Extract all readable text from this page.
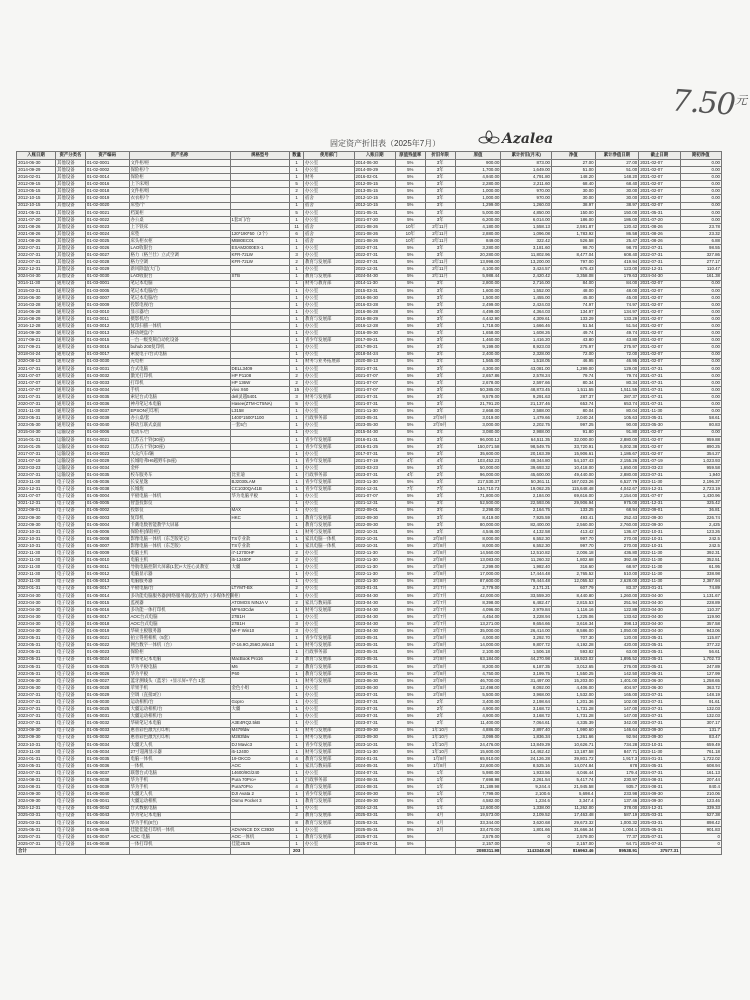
$7.50^元$
固定资产折旧表（2025年7月）	Azalea
入账日期	资产分类名	资产编码	资产名称	规格型号	数量	使用部门	入账日期	原值残值率	折旧年限	原值	累计折旧(月末)	净值	累计净值日期	截止日期	期初净值
2014-06-30	其他设备	01-02-0001	文件柜/柜		1	办公室	2014-06-30	5%	3年	900.00	873.00	27.00	27.00	2021-02-07	0.00
2014-09-29	其他设备	01-02-0002	保险柜/个		1	办公室	2014-09-29	5%	3年	1,700.00	1,649.00	51.00	51.00	2021-02-07	0.00
2016-02-01	其他设备	01-02-0014	保险柜		1	财务	2016-02-01	5%	3年	4,940.00	4,791.80	148.20	148.20	2021-02-07	0.00
2012-09-15	其他设备	01-02-0016	上下床/组		5	办公室	2012-09-15	5%	3年	2,280.00	2,211.60	68.40	68.40	2021-02-07	0.00
2013-05-15	其他设备	01-02-0018	文件柜/组		2	办公室	2013-05-15	5%	3年	1,000.00	970.00	30.00	30.00	2021-02-07	0.00
2012-10-15	其他设备	01-02-0019	衣衣柜/个		1	宿舍	2012-10-15	5%	3年	1,000.00	970.00	30.00	30.00	2021-02-07	0.00
2012-10-15	其他设备	01-02-0020	床垫/个		1	宿舍	2012-10-15	5%	3年	1,299.00	1,260.03	38.97	38.97	2021-02-07	0.00
2021-05-31	其他设备	01-02-0021	档案柜		5	办公室	2021-05-31	5%	3年	5,000.00	4,850.00	150.00	150.00	2021-05-31	0.00
2021-07-20	其他设备	01-02-0022	办公桌	1套3门/台	1	办公室	2021-07-20	5%	3年	6,200.00	6,014.00	186.00	186.00	2021-07-20	0.00
2021-08-26	其他设备	01-02-0023	上下铁床		11	宿舍	2021-08-26	10年	2年11月	4,180.00	1,558.13	2,591.87	120.42	2021-08-26	23.78
2021-08-26	其他设备	01-02-0024	床垫	120*190*50（2个）	6	宿舍	2021-08-26	10年	2年11月	2,880.00	1,096.08	1,783.92	86.58	2021-08-26	23.32
2021-08-26	其他设备	01-02-0025	床头柜衣柜	MB80EC01	1	宿舍	2021-08-26	10年	2年11月	849.00	322.42	526.58	25.47	2021-08-26	6.88
2022-07-31	其他设备	01-02-0026	LAO收银台	ESAM2000EX-1	1	办公室	2022-07-31	5%	3年	3,280.00	3,181.60	98.70	98.70	2022-07-31	98.55
2022-07-31	其他设备	01-02-0027	格力（格兰仕）立式空调	KFR-72LW	3	办公室	2022-07-31	5%	3年	20,280.00	11,802.96	8,477.04	608.40	2022-07-31	327.86
2022-07-31	其他设备	01-02-0028	格力空调	KFR-72LW	2	教育与发展部	2022-07-31	5%	2年11月	13,998.00	13,200.00	797.00	419.94	2022-07-31	277.17
2022-12-31	其他设备	01-02-0029	新风除湿(大门)		1	办公室	2022-12-31	5%	2年11月	4,100.00	3,424.57	675.43	123.00	2022-12-31	110.47
2024-04-30	其他设备	01-02-0030	LAO收银台	STB	1	教育与发展部	2024-04-30	5%	2年11月	5,988.44	2,420.42	3,358.08	179.63	2024-04-30	161.38
2014-11-30	通用设备	01-03-0001	笔记本电脑		1	财务与教育部	2014-11-30	5%	3年	2,800.00	2,716.00	84.00	84.00	2021-02-07	0.00
2015-03-31	通用设备	01-03-0005	笔记本电脑/台		1	办公室	2015-03-31	5%	3年	1,600.00	1,552.00	48.00	48.00	2021-02-07	0.00
2016-06-30	通用设备	01-03-0007	笔记本电脑/台		1	办公室	2016-06-30	5%	3年	1,500.00	1,455.00	45.00	45.00	2021-02-07	0.00
2016-03-28	通用设备	01-03-0009	投影电视/台		1	办公室	2016-03-28	5%	3年	2,499.00	2,424.03	74.97	74.97	2021-02-07	0.00
2016-06-28	通用设备	01-03-0010	显示器/台		1	办公室	2016-06-28	5%	3年	4,499.00	4,364.03	134.97	134.97	2021-02-07	0.00
2016-08-29	通用设备	01-03-0011	摄影机/台		1	教育与发展部	2016-08-29	5%	3年	4,442.90	4,309.61	133.29	133.29	2021-02-07	0.00
2016-12-28	通用设备	01-03-0012	复印扫描一体机		1	办公室	2016-12-28	5%	3年	1,718.00	1,666.46	51.54	51.54	2021-02-07	0.00
2016-09-30	通用设备	01-03-0013	移动硬盘/个		1	办公室	2016-09-30	5%	3年	1,658.00	1,608.26	49.74	49.74	2021-02-07	0.00
2017-09-21	通用设备	01-03-0015	一台一级变频自动化设备		1	青少年发展部	2017-09-21	5%	3年	1,460.00	1,416.20	43.80	43.80	2021-02-07	0.00
2017-09-21	通用设备	01-03-0016	buhub 200复印机		1	办公室	2017-09-21	5%	3年	9,199.00	8,923.03	275.97	275.97	2021-02-07	0.00
2018-04-24	通用设备	01-03-0017	索爱电子/台式电脑		1	办公室	2018-04-24	5%	3年	2,400.00	2,328.00	72.00	72.00	2021-02-07	0.00
2020-08-13	通用设备	01-03-0030	充电柜		1	财务与业务拓展部	2020-08-13	5%	3年	1,565.00	1,518.05	46.95	46.95	2021-02-07	0.00
2021-07-31	通用设备	01-03-0031	台式电脑	DELL3409	1	办公室	2021-07-31	5%	3年	4,300.00	43,081.00	1,299.00	129.00	2021-07-31	0.00
2021-07-07	通用设备	01-03-0032	激光打印机	HP P1108	2	办公室	2021-07-07	5%	3年	2,657.86	2,578.24	79.74	79.74	2021-07-31	0.00
2021-07-07	通用设备	01-03-0033	打印机	HP 136W	2	办公室	2021-07-07	5%	3年	2,678.00	2,597.66	80.34	80.34	2021-07-31	0.00
2021-07-07	通用设备	01-03-0034	手机	vivo X60	15	办公室	2021-07-07	5%	3年	50,385.00	48,873.45	1,511.55	1,511.55	2021-07-31	0.00
2021-07-31	通用设备	01-03-0035	索尼台式电脑	dell灵越5401	3	财务与发展部	2021-07-31	5%	3年	9,579.00	9,291.63	287.37	287.37	2021-07-31	0.00
2020-07-31	通用设备	01-03-0036	神舟笔记本电脑	Hasee(ZTM-CT5NA)	5	办公室	2021-07-31	5%	3年	21,791.20	21,137.46	653.74	653.74	2021-07-31	0.00
2021-11-30	通用设备	01-03-0037	EPSON打印机	L3158	1	办公室	2021-11-30	5%	3年	2,668.00	2,588.00	80.04	80.04	2021-11-30	0.00
2023-05-31	通用设备	01-03-0039	办公桌/套	1400*1500*1100	1	行政事务部	2023-05-31	5%	2年9月	3,019.00	1,479.66	2,040.24	105.63	2023-05-31	58.61
2023-05-30	通用设备	01-03-0040	移动互联式桌面	一套5台	1	办公室	2023-05-30	5%	2年9月	3,000.00	2,202.75	997.25	90.00	2023-05-30	80.83
2015-04-30	运输设备	01-04-0006	电动车/台		1	办公室	2015-04-30	5%	3年	3,080.00	2,988.00	91.80	91.80	2021-02-07	0.00
2016-01-31	运输设备	01-04-0021	江苏五十铃(30座)		1	青少年发展部	2016-01-31	5%	3年	96,000.12	64,511.35	32,000.00	2,880.00	2021-02-07	959.88
2016-01-25	运输设备	01-04-0022	江苏五十铃(30座)		1	青少年发展部	2016-01-25	5%	3年	150,071.58	98,549.75	33,720.91	5,002.38	2021-02-07	890.25
2017-07-31	运输设备	01-04-0023	大众汽车/辆		1	办公室	2017-07-31	5%	3年	35,600.00	20,163.39	15,906.61	1,186.67	2021-02-07	354.27
2021-07-19	运输设备	01-04-0029	长城哈弗H6越野车(5座)		1	青少年发展部	2021-07-19	4年	4年	103,452.23	49,344.80	54,107.43	2,155.26	2021-07-19	1,023.93
2023-03-23	运输设备	01-04-0034	金杯		1	办公室	2023-03-23	5%	3年	50,000.00	39,693.32	10,418.00	1,650.00	2023-03-23	959.58
2023-07-31	运输设备	01-04-0035	校车服务车	比亚迪	1	行政事务部	2023-07-31	4年	2年	96,000.00	45,600.00	49,440.00	2,880.00	2023-07-31	1,940
2023-11-30	电子设备	01-05-0036	长安星逸	BJ2030LAM	1	青少年发展部	2023-11-30	5%	3年	217,530.37	50,361.11	167,023.26	6,527.79	2023-11-30	2,196.37
2024-12-31	电子设备	01-05-0038	长城炮	CC1030QA41B	1	青少年发展部	2024-12-31	7年	7年	134,710.73	19,062.25	115,648.48	4,042.67	2024-12-31	2,723.19
2021-07-07	电子设备	01-05-0004	平板电脑一体机	华为电脑平板	1	办公室	2021-07-07	5%	3年	71,800.00	2,184.00	69,616.00	2,154.00	2021-07-07	1,430.96
2021-12-31	电子设备	01-05-0005	智慧投影仪		1	办公室	2021-12-31	5%	3年	52,500.00	22,593.06	29,906.94	975.00	2021-12-31	325.42
2022-09-01	电子设备	01-05-0002	投影仪	MAX	1	办公室	2022-09-01	5%	3年	2,298.00	2,164.75	133.25	68.94	2022-09-01	36.81
2022-09-30	电子设备	01-05-0003	复印机	HKC	1	教育与发展部	2022-09-30	5%	3年	8,419.00	7,925.59	493.41	252.43	2022-09-30	226.74
2022-09-30	电子设备	01-05-0004	卡戴电数智能教学大屏幕		1	教育与发展部	2022-09-30	5%	3年	80,000.00	82,400.00	2,560.00	2,760.00	2022-09-30	2,425
2022-10-31	电子设备	01-05-0006	保险柜(保险柜)		1	财务与发展部	2022-10-31	5%	3年	4,546.00	4,132.58	413.42	136.47	2022-10-31	123.26
2022-10-31	电子设备	01-05-0008	影像电脑一体机（东芝版笔记）	TS专业款	1	家具电脑一体机	2022-10-31	5%	2年8月	8,000.00	6,552.30	997.70	270.00	2022-10-31	242.5
2022-10-31	电子设备	01-05-0007	影像电脑一体机（东芝版）	TS专业款	1	家具电脑一体机	2022-10-31	5%	2年8月	8,000.00	6,552.30	997.70	270.00	2022-10-31	242.5
2022-11-30	电子设备	01-05-0009	电脑主机	i7-12700HF	2	办公室	2022-11-30	5%	2年8月	14,560.00	12,510.82	2,006.18	436.80	2022-11-30	392.31
2022-11-30	电子设备	01-05-0010	电脑主机	i5-12400F	2	办公室	2022-11-30	5%	2年8月	13,083.00	11,260.32	1,802.68	392.49	2022-11-30	352.51
2022-11-30	电子设备	01-05-0011	导航电脑控制大屏幕(1套)+大连心灵教室	大疆	1	办公室	2022-11-30	5%	2年8月	2,299.00	1,982.40	316.60	68.97	2022-11-30	61.95
2022-11-30	电子设备	01-05-0012	电脑显示器		1	办公室	2022-11-30	5%	2年8月	17,000.00	17,444.48	2,765.52	510.00	2022-11-30	338.98
2022-11-30	电子设备	01-05-0013	电脑服务器		1	办公室	2022-11-30	5%	2年8月	87,600.00	79,444.48	12,055.52	2,628.00	2022-11-30	2,387.94
2023-01-31	电子设备	01-05-0017	平板电脑/台	LTYMT-BX	2	办公室	2023-01-31	5%	2年7月	2,779.00	2,171.21	607.79	83.37	2023-01-31	74.89
2023-04-30	电子设备	01-05-0014	多功能电脑服务器(网络服务器)/套(双件)（多媒体控制柜）		1	办公室	2023-04-30	5%	2年7月	42,000.00	33,559.20	8,440.80	1,260.00	2023-04-30	1,131.67
2023-04-30	电子设备	01-05-0015	监视器	ATOMOS NINJA V	2	家具与数码部	2023-04-30	5%	2年7月	8,398.00	6,482.47	2,815.53	251.94	2023-04-30	228.89
2023-04-30	电子设备	01-05-0016	多功能一体打印机	MF643Cdw	1	财务与发展部	2023-04-30	5%	2年7月	4,096.00	2,979.84	1,116.16	122.88	2023-04-30	110.37
2023-04-30	电子设备	01-05-0017	AOC台式电脑	27B1H	1	办公室	2023-04-30	5%	2年7月	4,454.00	3,228.94	1,225.06	133.62	2023-04-30	119.90
2023-04-30	电子设备	01-05-0018	AOC台式电脑	27B1H	3	办公室	2023-04-30	5%	2年7月	13,271.00	9,654.66	3,616.34	398.13	2023-04-30	357.58
2023-04-30	电子设备	01-05-0019	华硕主板服务器	MI-F Win10	3	办公室	2023-04-30	5%	2年7月	35,000.00	26,414.00	8,586.00	1,050.00	2023-04-30	943.06
2023-05-31	电子设备	01-05-0021	拍立得照相机（5套）		1	青少年发展部	2023-05-31	5%	2年8月	4,000.00	3,292.70	707.30	120.00	2023-05-31	115.87
2023-05-31	电子设备	01-05-0022	网台数字一体机（台）	I7-16.9G,256G,Win10	1	财务与发展部	2023-05-31	5%	2年8月	14,000.00	9,807.72	4,192.28	420.00	2023-05-31	377.22
2023-05-31	电子设备	01-05-0023	保险柜		1	行政事务部	2023-05-31	5%	2年8月	2,100.00	1,506.18	593.82	63.00	2023-05-31	56.61
2023-05-31	电子设备	01-05-0024	苹果笔记本电脑	MacBook Pro16	2	教育与发展部	2023-05-31	5%	2年8月	63,184.00	44,270.98	18,923.02	1,895.52	2023-05-31	1,702.73
2023-05-31	电子设备	01-05-0025	华为平板电脑	M6	2	教育与发展部	2023-05-31	5%	2年8月	8,200.00	6,187.35	3,012.65	276.00	2023-05-31	247.89
2023-05-31	电子设备	01-05-0026	华为平板	P60	1	教育与发展部	2023-05-31	5%	2年8月	4,750.00	3,199.75	1,550.25	142.50	2023-05-31	127.99
2023-06-30	电子设备	01-05-0027	蓝牙测线头（蓝牙）+显示屏+平台 1套		1	财务与发展部	2023-06-30	5%	2年9月	46,700.00	31,497.00	15,203.00	1,401.00	2023-06-30	1,258.65
2023-06-30	电子设备	01-05-0028	苹果手机	金色小组	1	办公室	2023-06-30	5%	2年8月	12,498.00	8,092.00	4,406.00	404.97	2023-06-30	363.72
2023-07-31	电子设备	01-05-0029	空调（直接3位）		1	办公室	2023-07-31	5%	2年8月	5,500.00	3,968.00	1,532.00	165.00	2023-07-31	148.19
2023-07-31	电子设备	01-05-0030	运动相机/台	Gopro	1	办公室	2023-07-31	5%	2年	3,400.00	2,198.64	1,201.36	102.00	2023-07-31	91.61
2023-07-31	电子设备	01-05-0025	大疆运动相机/台	大疆	1	办公室	2023-07-31	5%	2年	4,900.00	3,168.72	1,731.28	147.00	2023-07-31	132.03
2023-07-31	电子设备	01-05-0031	大疆运动相机/台		1	办公室	2023-07-31	5%	2年	4,900.00	3,168.72	1,731.28	147.00	2023-07-31	132.03
2023-07-31	电子设备	01-05-0032	华硕笔记本电脑	A3E4RQ2.5kB	1	办公室	2023-07-31	5%	2年	11,400.00	7,064.61	4,335.39	342.00	2023-07-31	307.17
2023-09-30	电子设备	01-05-0033	惠普彩色激光打印机	M479fdw	1	财务与发展部	2023-09-30	5%	1年10月	4,886.00	2,897.40	1,990.60	146.64	2023-09-30	131.7
2023-09-30	电子设备	01-05-0032	惠普彩色激光打印机	M283fdw	1	财务与发展部	2023-09-30	5%	1年10月	3,099.00	1,836.34	1,261.66	92.94	2023-09-30	83.47
2023-10-31	电子设备	01-05-0034	大疆无人机	DJ Mavic3	1	青少年发展部	2023-10-31	5%	1年10月	24,476.00	13,849.29	10,626.71	734.28	2023-10-31	659.49
2023-11-30	电子设备	01-05-0034	27寸超薄显示器	i5-12400	1	财务与发展部	2023-11-30	5%	1年10月	15,600.00	14,462.42	13,187.58	847.71	2023-11-30	761.18
2024-01-31	电子设备	01-05-0035	电脑一体机	19-OKCD	4	教育与发展部	2024-01-31	5%	1年8月	65,910.00	24,126.28	39,801.72	1,917.3	2024-01-31	1,722.02
2024-05-31	电子设备	01-05-0036	一体机	AOC	1	家具与数码部	2024-05-31	5%	1年8月	22,600.00	8,525.16	14,074.84	678	2024-05-31	608.94
2024-07-31	电子设备	01-05-0037	联想台式电脑	14600/8G/240	1	办公室	2024-07-31	5%	1年	5,980.00	1,933.56	4,046.44	179.4	2024-07-31	161.13
2024-08-31	电子设备	01-05-0038	华为手机	Pura 70Pro+	1	行政事务部	2024-08-31	5%	1年	7,698.98	2,261.54	5,417.74	230.97	2024-08-31	207.44
2024-08-31	电子设备	01-05-0039	华为手机	Pura70Pro	4	教育与发展部	2024-08-31	5%	1年	31,189.98	9,244.4	21,945.58	935.7	2024-08-31	840.4
2024-09-30	电子设备	01-05-0040	大疆无人机	DJI Avata 2	1	青少年发展部	2024-09-30	5%	1年	7,799.00	2,100.6	5,698.4	233.98	2024-09-30	210.06
2024-09-30	电子设备	01-05-0041	大疆运动相机	Osmo Pocket 3	1	教育与发展部	2024-09-30	5%	1年	4,582.00	1,234.6	3,347.4	137.46	2024-09-30	123.46
2024-12-31	电子设备	01-05-0042	台式数据电脑		1	办公室	2024-12-31	5%	1年	12,600.00	1,338.00	11,262.00	378.00	2024-12-31	339.33
2025-03-31	电子设备	01-05-0043	华为笔记本电脑		2	教育与发展部	2025-03-31	5%	4月	19,573.00	2,109.52	17,463.48	587.19	2025-03-31	527.38
2025-03-31	电子设备	01-05-0044	华为手机(8台)		8	教育与发展部	2025-03-31	5%	4月	33,344.00	3,620.68	29,673.32	1,000.32	2025-03-31	898.42
2025-05-31	电子设备	01-05-0045	佳能佳能打印机一体机	ADVANCE DX C3930	1	办公室	2025-05-31	5%	2月	33,470.00	1,801.66	31,666.34	1,004.1	2025-05-31	901.83
2025-07-31	电子设备	01-05-0047	AOC 电脑	AOC一体机	1	教育与发展部	2025-07-31	5%		2,579.00	0	2,579.00	77.37	2025-07-31	0
2025-07-31	电子设备	01-05-0048	一体打印机	佳能2525	1	办公室	2025-07-31	5%		2,157.00	0	2,157.00	64.71	2025-07-31	0
合计					203					2080311.98	1143348.08	816963.46	89538.91	37577.31	
